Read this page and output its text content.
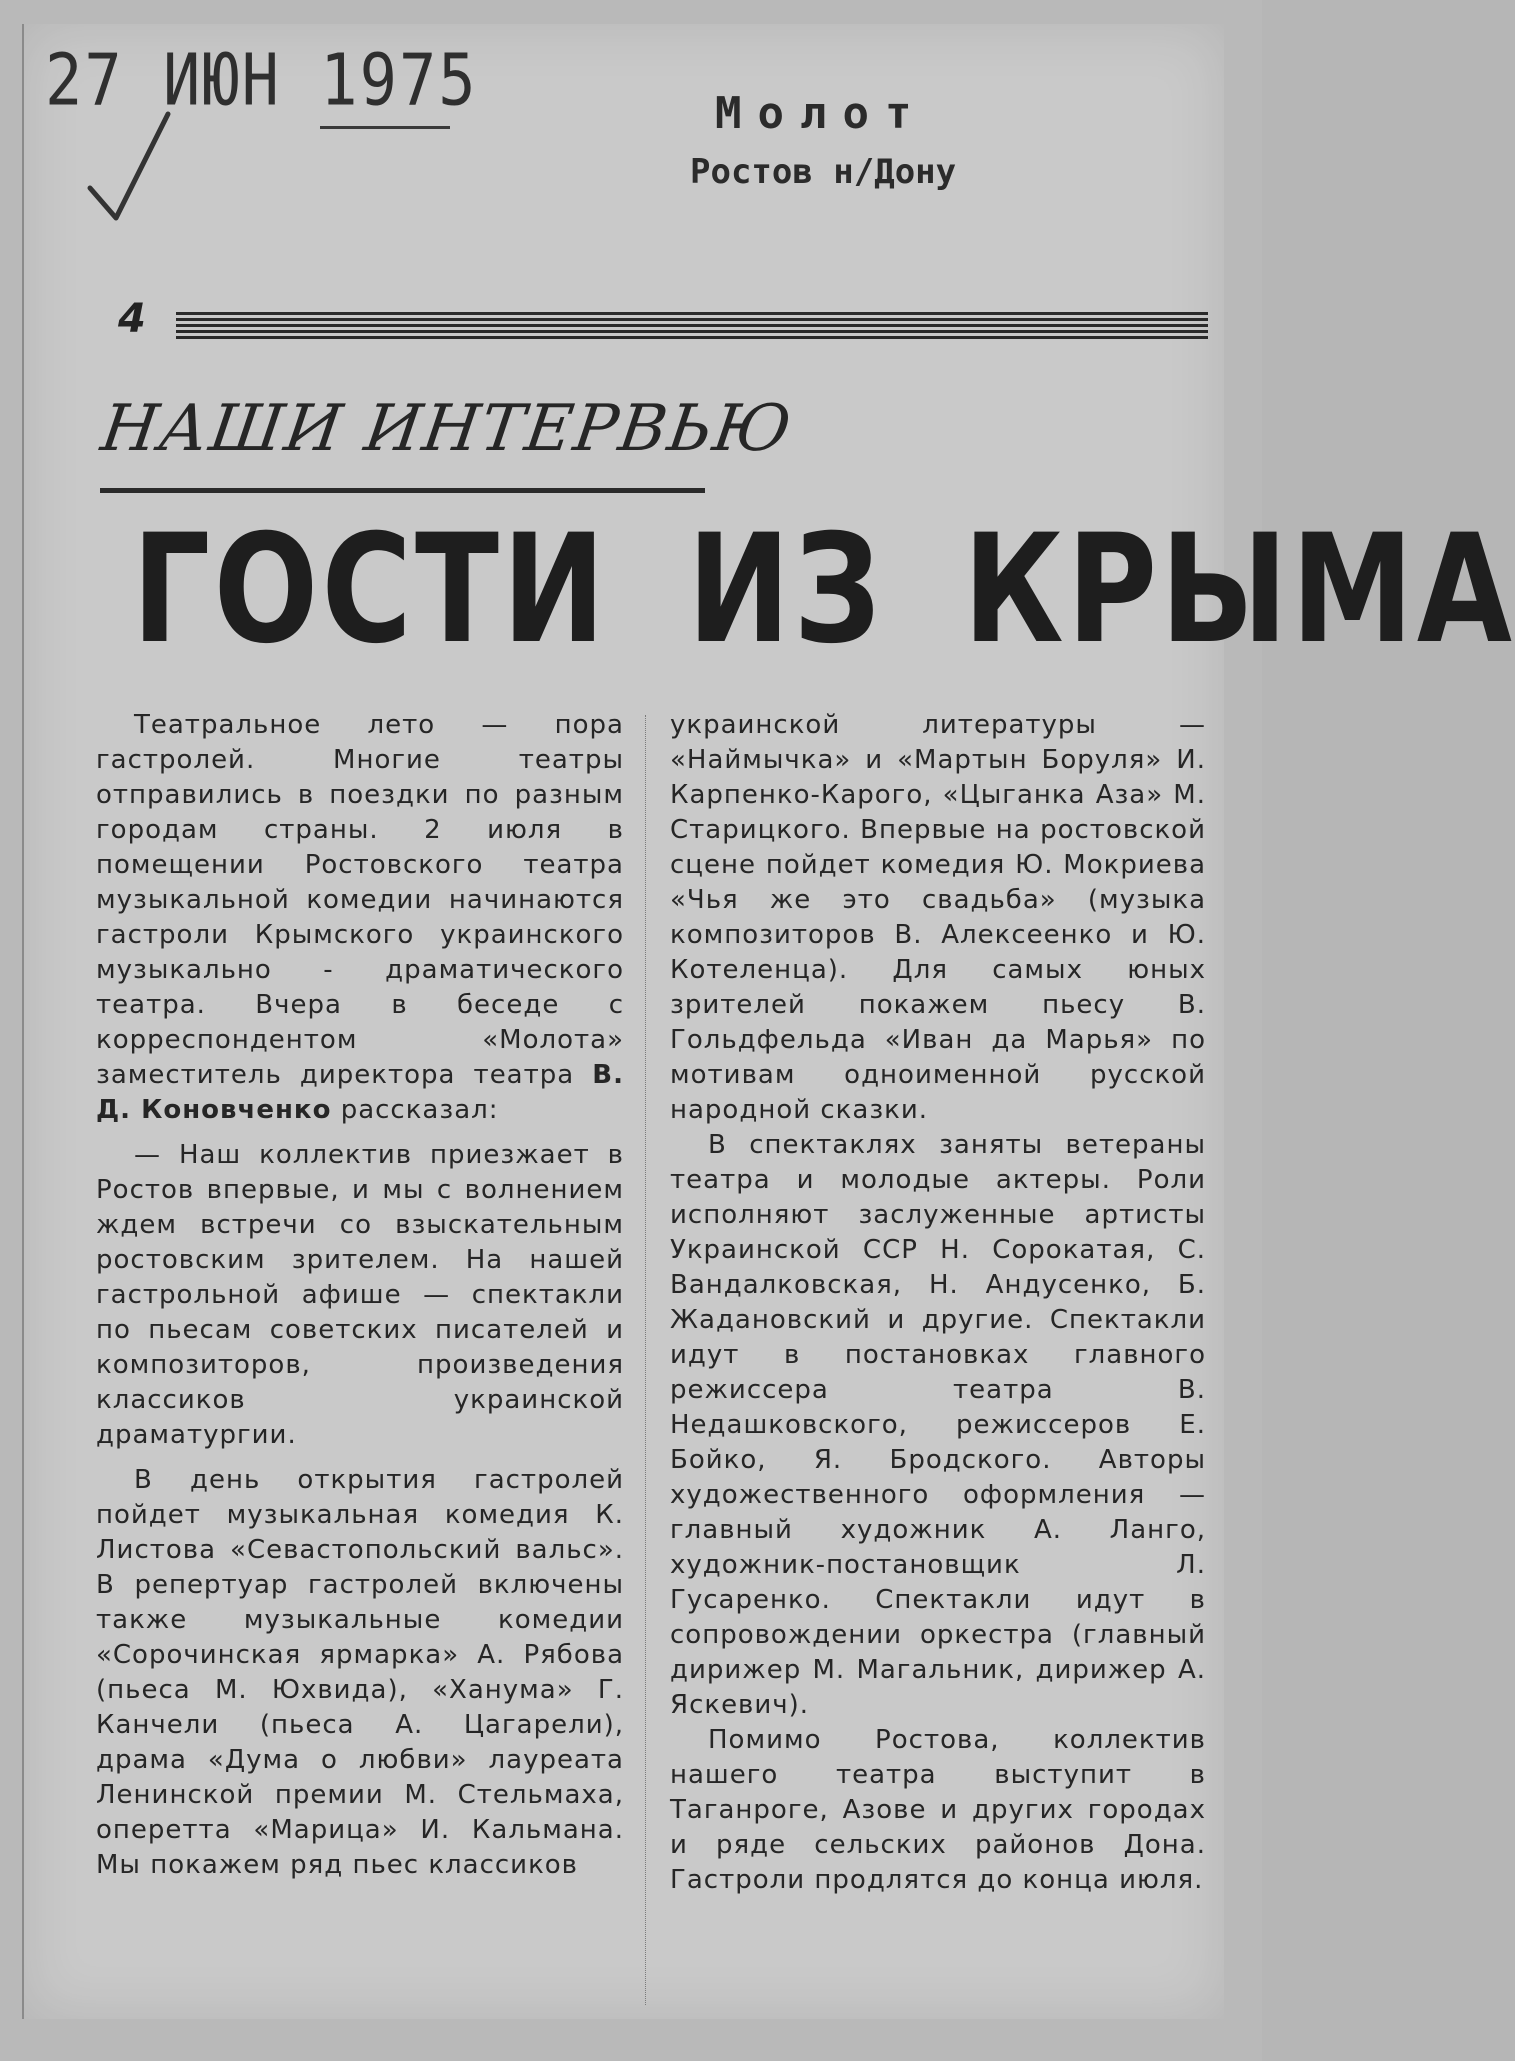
27 ИЮН 1975	Молот
Ростов н/Дону
4
НАШИ ИНТЕРВЬЮ
ГОСТИ ИЗ КРЫМА

Театральное лето — пора гастролей. Многие театры отправились в поездки по разным городам страны. 2 июля в помещении Ростовского театра музыкальной комедии начинаются гастроли Крымского украинского музыкально - драматического театра. Вчера в беседе с корреспондентом «Молота» заместитель директора театра В. Д. Коновченко рассказал:

— Наш коллектив приезжает в Ростов впервые, и мы с волнением ждем встречи со взыскательным ростовским зрителем. На нашей гастрольной афише — спектакли по пьесам советских писателей и композиторов, произведения классиков украинской драматургии.

В день открытия гастролей пойдет музыкальная комедия К. Листова «Севастопольский вальс». В репертуар гастролей включены также музыкальные комедии «Сорочинская ярмарка» А. Рябова (пьеса М. Юхвида), «Ханума» Г. Канчели (пьеса А. Цагарели), драма «Дума о любви» лауреата Ленинской премии М. Стельмаха, оперетта «Марица» И. Кальмана. Мы покажем ряд пьес классиков

украинской литературы — «Наймычка» и «Мартын Боруля» И. Карпенко-Карого, «Цыганка Аза» М. Старицкого. Впервые на ростовской сцене пойдет комедия Ю. Мокриева «Чья же это свадьба» (музыка композиторов В. Алексеенко и Ю. Котеленца). Для самых юных зрителей покажем пьесу В. Гольдфельда «Иван да Марья» по мотивам одноименной русской народной сказки.

В спектаклях заняты ветераны театра и молодые актеры. Роли исполняют заслуженные артисты Украинской ССР Н. Сорокатая, С. Вандалковская, Н. Андусенко, Б. Жадановский и другие. Спектакли идут в постановках главного режиссера театра В. Недашковского, режиссеров Е. Бойко, Я. Бродского. Авторы художественного оформления — главный художник А. Ланго, художник-постановщик Л. Гусаренко. Спектакли идут в сопровождении оркестра (главный дирижер М. Магальник, дирижер А. Яскевич).

Помимо Ростова, коллектив нашего театра выступит в Таганроге, Азове и других городах и ряде сельских районов Дона. Гастроли продлятся до конца июля.
